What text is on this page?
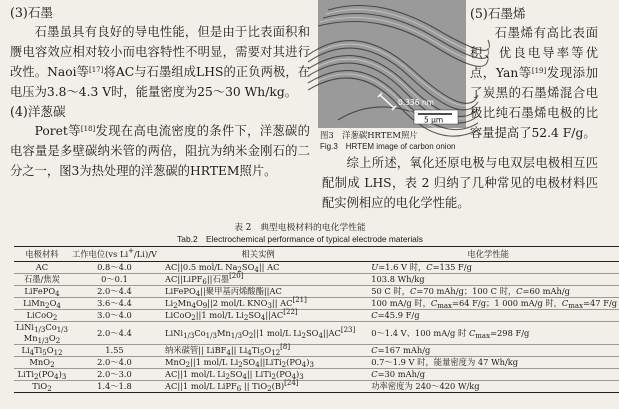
(3)石墨

石墨虽具有良好的导电性能，但是由于比表面积和赝电容效应相对较小而电容特性不明显，需要对其进行改性。Naoi等[17]将AC与石墨组成LHS的正负两极，在电压为3.8～4.3 V时，能量密度为25～30 Wh/kg。

(4)洋葱碳

Poret等[18]发现在高电流密度的条件下，洋葱碳的电容量是多壁碳纳米管的两倍，阻抗为纳米金刚石的二分之一，图3为热处理的洋葱碳的HRTEM照片。

0.336 nm
5 μm
图3　洋葱碳HRTEM照片
Fig.3　HRTEM image of carbon onion
(5)石墨烯

石墨烯有高比表面积、优良电导率等优点，Yan等[19]发现添加了炭黑的石墨烯混合电极比纯石墨烯电极的比容量提高了52.4 F/g。

综上所述，氧化还原电极与电双层电极相互匹配制成 LHS，表 2 归纳了几种常见的电极材料匹配实例相应的电化学性能。

表 2　典型电极材料的电化学性能
Tab.2　Electrochemical performance of typical electrode materials
电极材料	工作电位(vs Li+/Li)/V	相关实例	电化学性能
AC	0.8～4.0	AC||0.5 mol/L $Na_2SO_4||$ AC	U=1.6 V 时，C=135 F/g
石墨/焦炭	0～0.1	AC||LiPF$_6$||石墨[20]	103.8 Wh/kg
LiFePO$_4$	2.0～4.4	LiFePO$_4$||聚甲基丙烯酸酯||AC	50 C 时，C=70 mAh/g；100 C 时，C=60 mAh/g
$LiMn_2O_4$	3.6～4.4	$Li_2Mn_4O_9||2$ mol/L $KNO_3||$ AC[21]	100 mA/g 时，$C_{max}=64$ F/g；1 000 mA/g 时，$C_{max}=47$ F/g
LiCoO$_2$	3.0～4.0	LiCoO$_2$||1 mol/L $Li_2SO_4||AC[22]$	C=45.9 F/g
$LiNi_{1/3}Co_{1/3}$
$Mn_{1/3}O_2$	2.0～4.4	$LiNi_{1/3}Co_{1/3}Mn_{1/3}O_2||1$ mol/L $Li_2SO_4||AC[23]$	0～1.4 V、100 mA/g 时 $C_{max}=298$ F/g
$Li_4Ti_5O_{12}$	1.55	纳米碳管|| LiBF$_4$|| $Li_4Ti_5O_{12}[8]$	C=167 mAh/g
MnO$_2$	2.0～4.0	MnO$_2$||1 mol/L $Li_2SO_4||LiTi_2(PO_4)_3$	0.7～1.9 V 时，能量密度为 47 Wh/kg
$LiTi_2(PO_4)_3$	2.0～3.0	AC||1 mol/L $Li_2SO_4||$ $LiTi_2(PO_4)_3$	C=30 mAh/g
TiO$_2$	1.4～1.8	AC||1 mol/L LiPF$_6$ || TiO$_2$(B)[24]	功率密度为 240～420 W/kg
